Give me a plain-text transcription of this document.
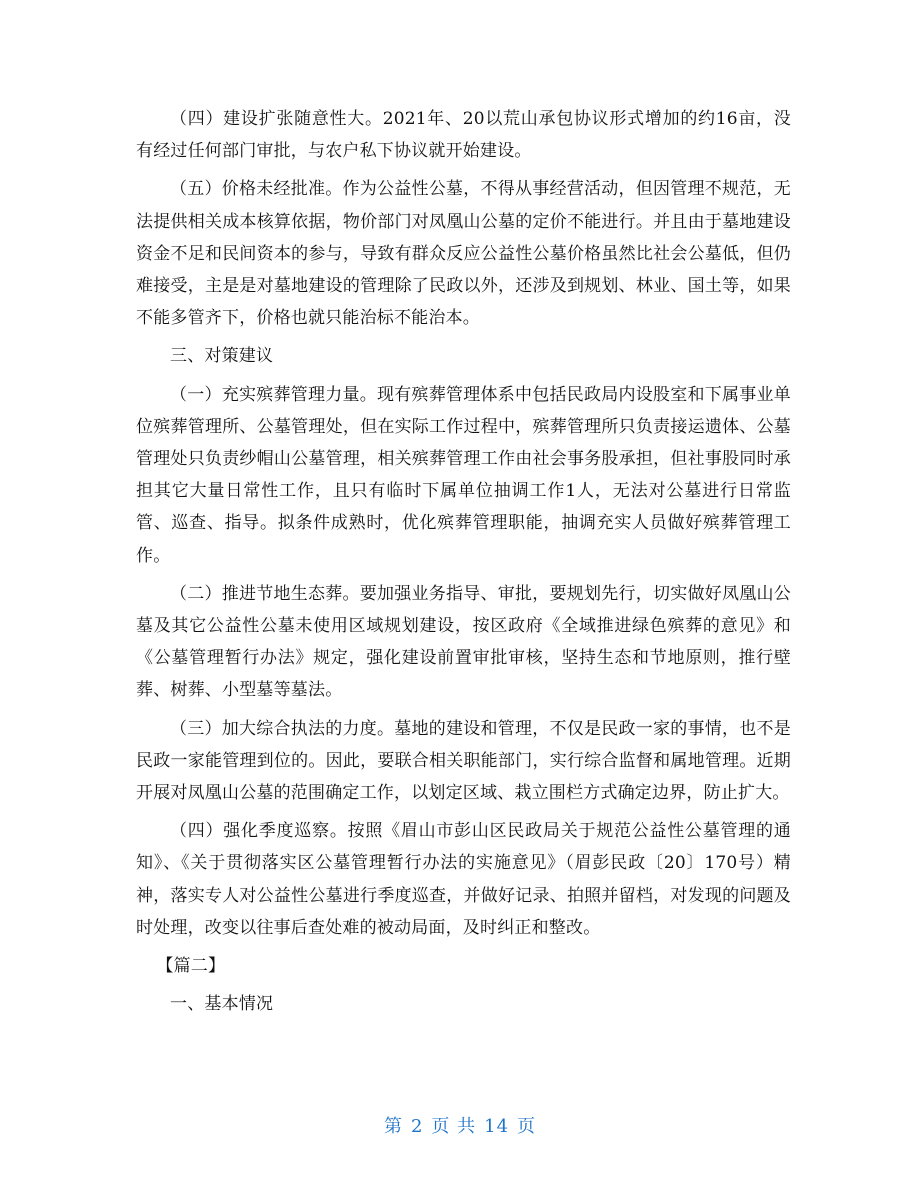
（四）建设扩张随意性大。2021年、20以荒山承包协议形式增加的约16亩，没有经过任何部门审批，与农户私下协议就开始建设。

（五）价格未经批准。作为公益性公墓，不得从事经营活动，但因管理不规范，无法提供相关成本核算依据，物价部门对凤凰山公墓的定价不能进行。并且由于墓地建设资金不足和民间资本的参与，导致有群众反应公益性公墓价格虽然比社会公墓低，但仍难接受，主是是对墓地建设的管理除了民政以外，还涉及到规划、林业、国土等，如果不能多管齐下，价格也就只能治标不能治本。

三、对策建议

（一）充实殡葬管理力量。现有殡葬管理体系中包括民政局内设股室和下属事业单位殡葬管理所、公墓管理处，但在实际工作过程中，殡葬管理所只负责接运遗体、公墓管理处只负责纱帽山公墓管理，相关殡葬管理工作由社会事务股承担，但社事股同时承担其它大量日常性工作，且只有临时下属单位抽调工作1人，无法对公墓进行日常监管、巡查、指导。拟条件成熟时，优化殡葬管理职能，抽调充实人员做好殡葬管理工作。

（二）推进节地生态葬。要加强业务指导、审批，要规划先行，切实做好凤凰山公墓及其它公益性公墓未使用区域规划建设，按区政府《全域推进绿色殡葬的意见》和《公墓管理暂行办法》规定，强化建设前置审批审核，坚持生态和节地原则，推行壁葬、树葬、小型墓等墓法。

（三）加大综合执法的力度。墓地的建设和管理，不仅是民政一家的事情，也不是民政一家能管理到位的。因此，要联合相关职能部门，实行综合监督和属地管理。近期开展对凤凰山公墓的范围确定工作，以划定区域、栽立围栏方式确定边界，防止扩大。

（四）强化季度巡察。按照《眉山市彭山区民政局关于规范公益性公墓管理的通知》、《关于贯彻落实区公墓管理暂行办法的实施意见》（眉彭民政〔20〕170号）精神，落实专人对公益性公墓进行季度巡查，并做好记录、拍照并留档，对发现的问题及时处理，改变以往事后查处难的被动局面，及时纠正和整改。

【篇二】

一、基本情况

第 2 页 共 14 页
